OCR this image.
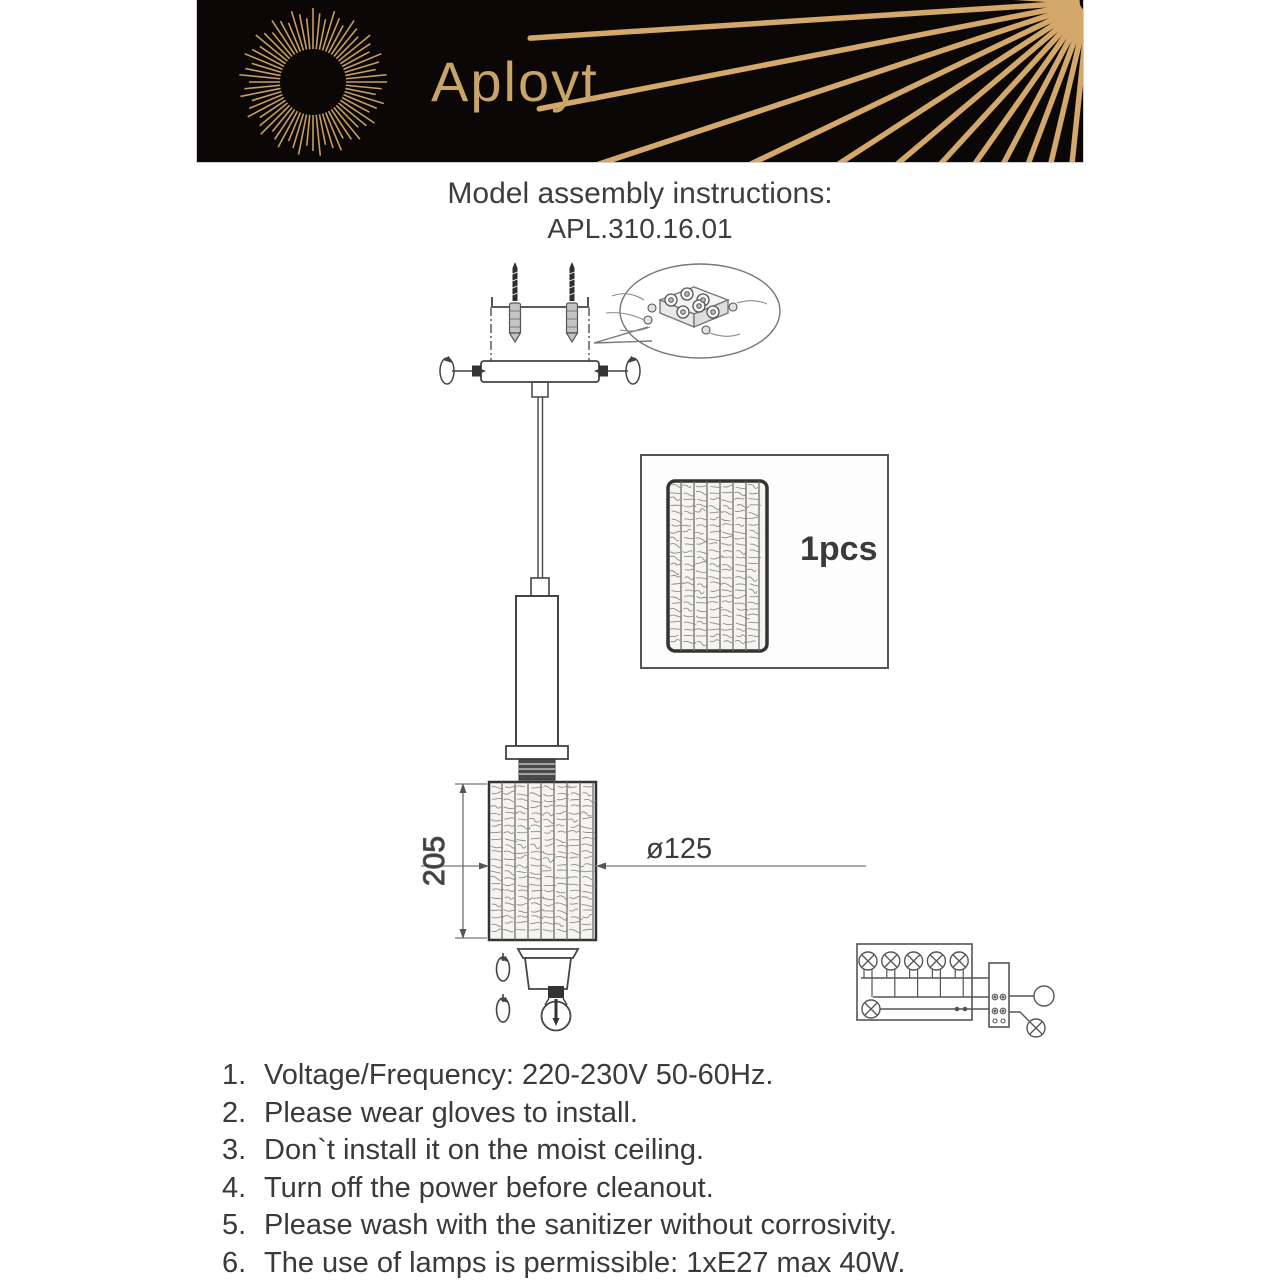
Aployt
Model assembly instructions:
APL.310.16.01
205	ø125
1pcs
1. Voltage/Frequency: 220-230V 50-60Hz.
2. Please wear gloves to install.
3. Don`t install it on the moist ceiling.
4. Turn off the power before cleanout.
5. Please wash with the sanitizer without corrosivity.
6. The use of lamps is permissible: 1xE27 max 40W.
